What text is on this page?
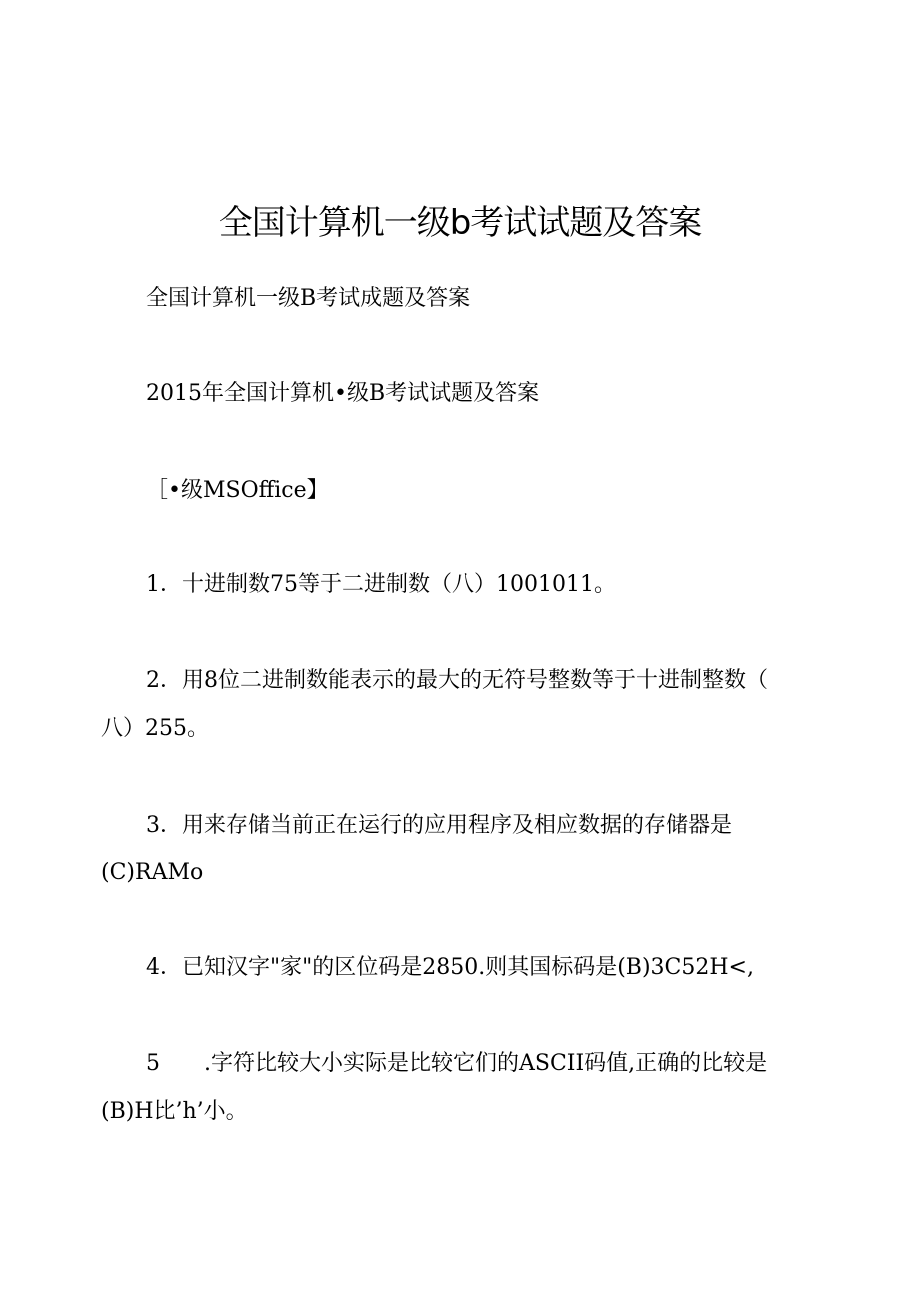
全国计算机一级b考试试题及答案
全国计算机一级B考试成题及答案
2015年全国计算机•级B考试试题及答案
［•级MSOffice】
1．十进制数75等于二进制数（八）1001011。
2．用8位二进制数能表示的最大的无符号整数等于十进制整数（
八）255。
3．用来存储当前正在运行的应用程序及相应数据的存储器是
(C)RAMo
4．已知汉字"家"的区位码是2850.则其国标码是(B)3C52H<,
5　　.字符比较大小实际是比较它们的ASCII码值,正确的比较是
(B)H比’h’小。
